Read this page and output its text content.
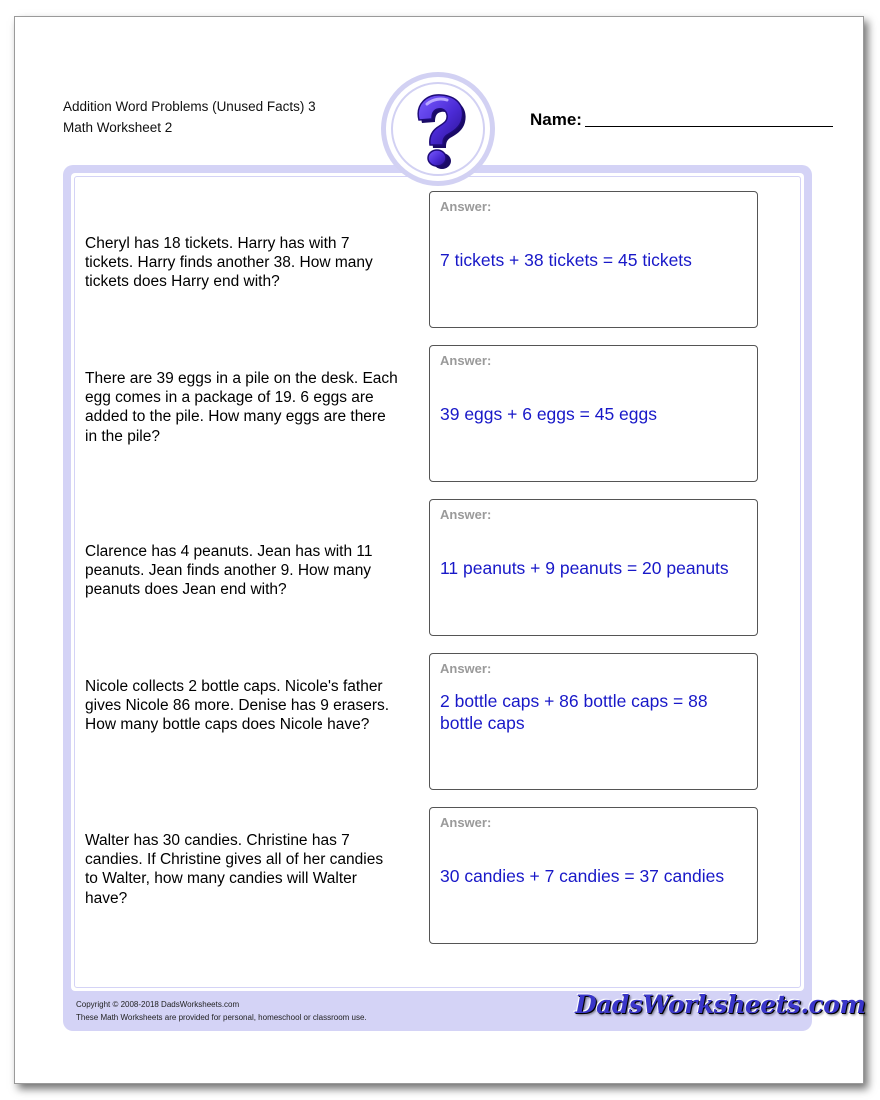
Addition Word Problems (Unused Facts) 3
Math Worksheet 2	Name:
Cheryl has 18 tickets. Harry has with 7 tickets. Harry finds another 38. How many tickets does Harry end with?
Answer:
7 tickets + 38 tickets = 45 tickets
There are 39 eggs in a pile on the desk. Each egg comes in a package of 19. 6 eggs are added to the pile. How many eggs are there in the pile?
Answer:
39 eggs + 6 eggs = 45 eggs
Clarence has 4 peanuts. Jean has with 11 peanuts. Jean finds another 9. How many peanuts does Jean end with?
Answer:
11 peanuts + 9 peanuts = 20 peanuts
Nicole collects 2 bottle caps. Nicole's father gives Nicole 86 more. Denise has 9 erasers. How many bottle caps does Nicole have?
Answer:
2 bottle caps + 86 bottle caps = 88 bottle caps
Walter has 30 candies. Christine has 7 candies. If Christine gives all of her candies to Walter, how many candies will Walter have?
Answer:
30 candies + 7 candies = 37 candies
Copyright © 2008-2018 DadsWorksheets.com
These Math Worksheets are provided for personal, homeschool or classroom use.	DadsWorksheets.com
